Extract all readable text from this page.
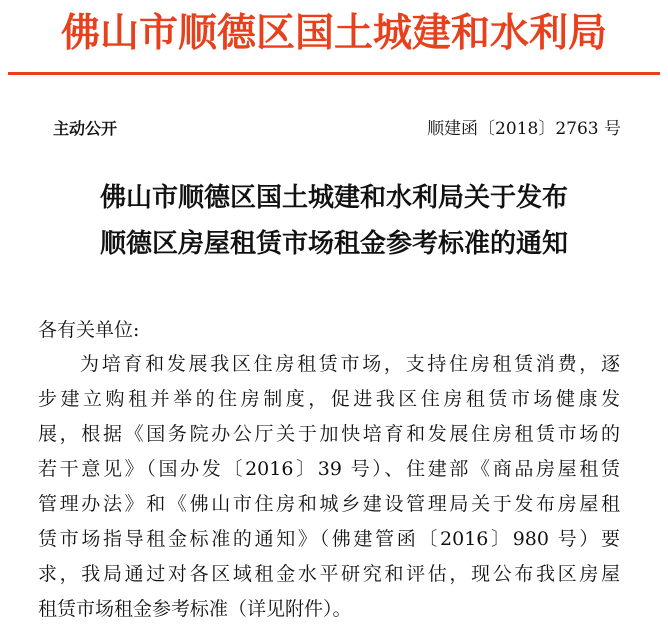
佛山市顺德区国土城建和水利局
主动公开	顺建函〔2018〕2763 号
佛山市顺德区国土城建和水利局关于发布
顺德区房屋租赁市场租金参考标准的通知
各有关单位:
为培育和发展我区住房租赁市场，支持住房租赁消费，逐
步建立购租并举的住房制度，促进我区住房租赁市场健康发
展，根据《国务院办公厅关于加快培育和发展住房租赁市场的
若干意见》（国办发〔2016〕39 号）、住建部《商品房屋租赁
管理办法》和《佛山市住房和城乡建设管理局关于发布房屋租
赁市场指导租金标准的通知》（佛建管函〔2016〕980 号）要
求，我局通过对各区域租金水平研究和评估，现公布我区房屋
租赁市场租金参考标准（详见附件）。
